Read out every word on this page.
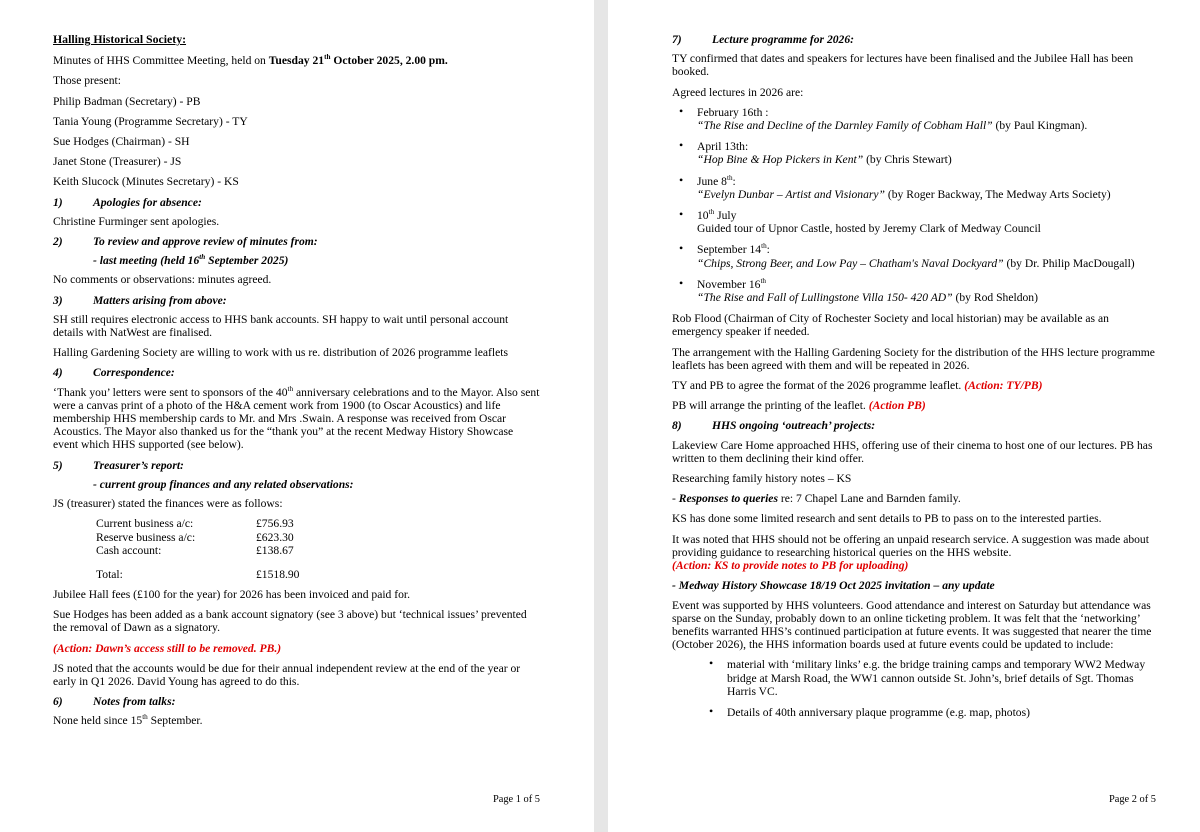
Halling Historical Society:
Minutes of HHS Committee Meeting, held on Tuesday 21th October 2025, 2.00 pm.
Those present:
Philip Badman (Secretary) - PB
Tania Young (Programme Secretary) - TY
Sue Hodges (Chairman) - SH
Janet Stone (Treasurer) - JS
Keith Slucock (Minutes Secretary) - KS
1)	Apologies for absence:
Christine Furminger sent apologies.
2)	To review and approve review of minutes from:
- last meeting (held 16th September 2025)
No comments or observations: minutes agreed.
3)	Matters arising from above:
SH still requires electronic access to HHS bank accounts. SH happy to wait until personal account details with NatWest are finalised.
Halling Gardening Society are willing to work with us re. distribution of 2026 programme leaflets
4)	Correspondence:
‘Thank you’ letters were sent to sponsors of the 40th anniversary celebrations and to the Mayor. Also sent were a canvas print of a photo of the H&A cement work from 1900 (to Oscar Acoustics) and life membership HHS membership cards to Mr. and Mrs .Swain. A response was received from Oscar Acoustics. The Mayor also thanked us for the “thank you” at the recent Medway History Showcase event which HHS supported (see below).
5)	Treasurer’s report:
- current group finances and any related observations:
JS (treasurer) stated the finances were as follows:
Current business a/c:	£756.93
Reserve business a/c:	£623.30
Cash account:	£138.67
Total:	£1518.90
Jubilee Hall fees (£100 for the year) for 2026 has been invoiced and paid for.
Sue Hodges has been added as a bank account signatory (see 3 above) but ‘technical issues’ prevented the removal of Dawn as a signatory.
(Action: Dawn’s access still to be removed. PB.)
JS noted that the accounts would be due for their annual independent review at the end of the year or early in Q1 2026. David Young has agreed to do this.
6)	Notes from talks:
None held since 15th September.
Page 1 of 5
7)	Lecture programme for 2026:
TY confirmed that dates and speakers for lectures have been finalised and the Jubilee Hall has been booked.
Agreed lectures in 2026 are:
• February 16th :
“The Rise and Decline of the Darnley Family of Cobham Hall” (by Paul Kingman).
• April 13th:
“Hop Bine & Hop Pickers in Kent” (by Chris Stewart)
• June 8th:
“Evelyn Dunbar – Artist and Visionary” (by Roger Backway, The Medway Arts Society)
• 10th July
Guided tour of Upnor Castle, hosted by Jeremy Clark of Medway Council
• September 14th:
“Chips, Strong Beer, and Low Pay – Chatham's Naval Dockyard” (by Dr. Philip MacDougall)
• November 16th
“The Rise and Fall of Lullingstone Villa 150- 420 AD” (by Rod Sheldon)
Rob Flood (Chairman of City of Rochester Society and local historian) may be available as an emergency speaker if needed.
The arrangement with the Halling Gardening Society for the distribution of the HHS lecture programme leaflets has been agreed with them and will be repeated in 2026.
TY and PB to agree the format of the 2026 programme leaflet. (Action: TY/PB)
PB will arrange the printing of the leaflet. (Action PB)
8)	HHS ongoing ‘outreach’ projects:
Lakeview Care Home approached HHS, offering use of their cinema to host one of our lectures. PB has written to them declining their kind offer.
Researching family history notes – KS
- Responses to queries re: 7 Chapel Lane and Barnden family.
KS has done some limited research and sent details to PB to pass on to the interested parties.
It was noted that HHS should not be offering an unpaid research service. A suggestion was made about providing guidance to researching historical queries on the HHS website.
(Action: KS to provide notes to PB for uploading)
- Medway History Showcase 18/19 Oct 2025 invitation – any update
Event was supported by HHS volunteers. Good attendance and interest on Saturday but attendance was sparse on the Sunday, probably down to an online ticketing problem. It was felt that the ‘networking’ benefits warranted HHS’s continued participation at future events. It was suggested that nearer the time (October 2026), the HHS information boards used at future events could be updated to include:
• material with ‘military links’ e.g. the bridge training camps and temporary WW2 Medway bridge at Marsh Road, the WW1 cannon outside St. John’s, brief details of Sgt. Thomas Harris VC.
• Details of 40th anniversary plaque programme (e.g. map, photos)
Page 2 of 5
